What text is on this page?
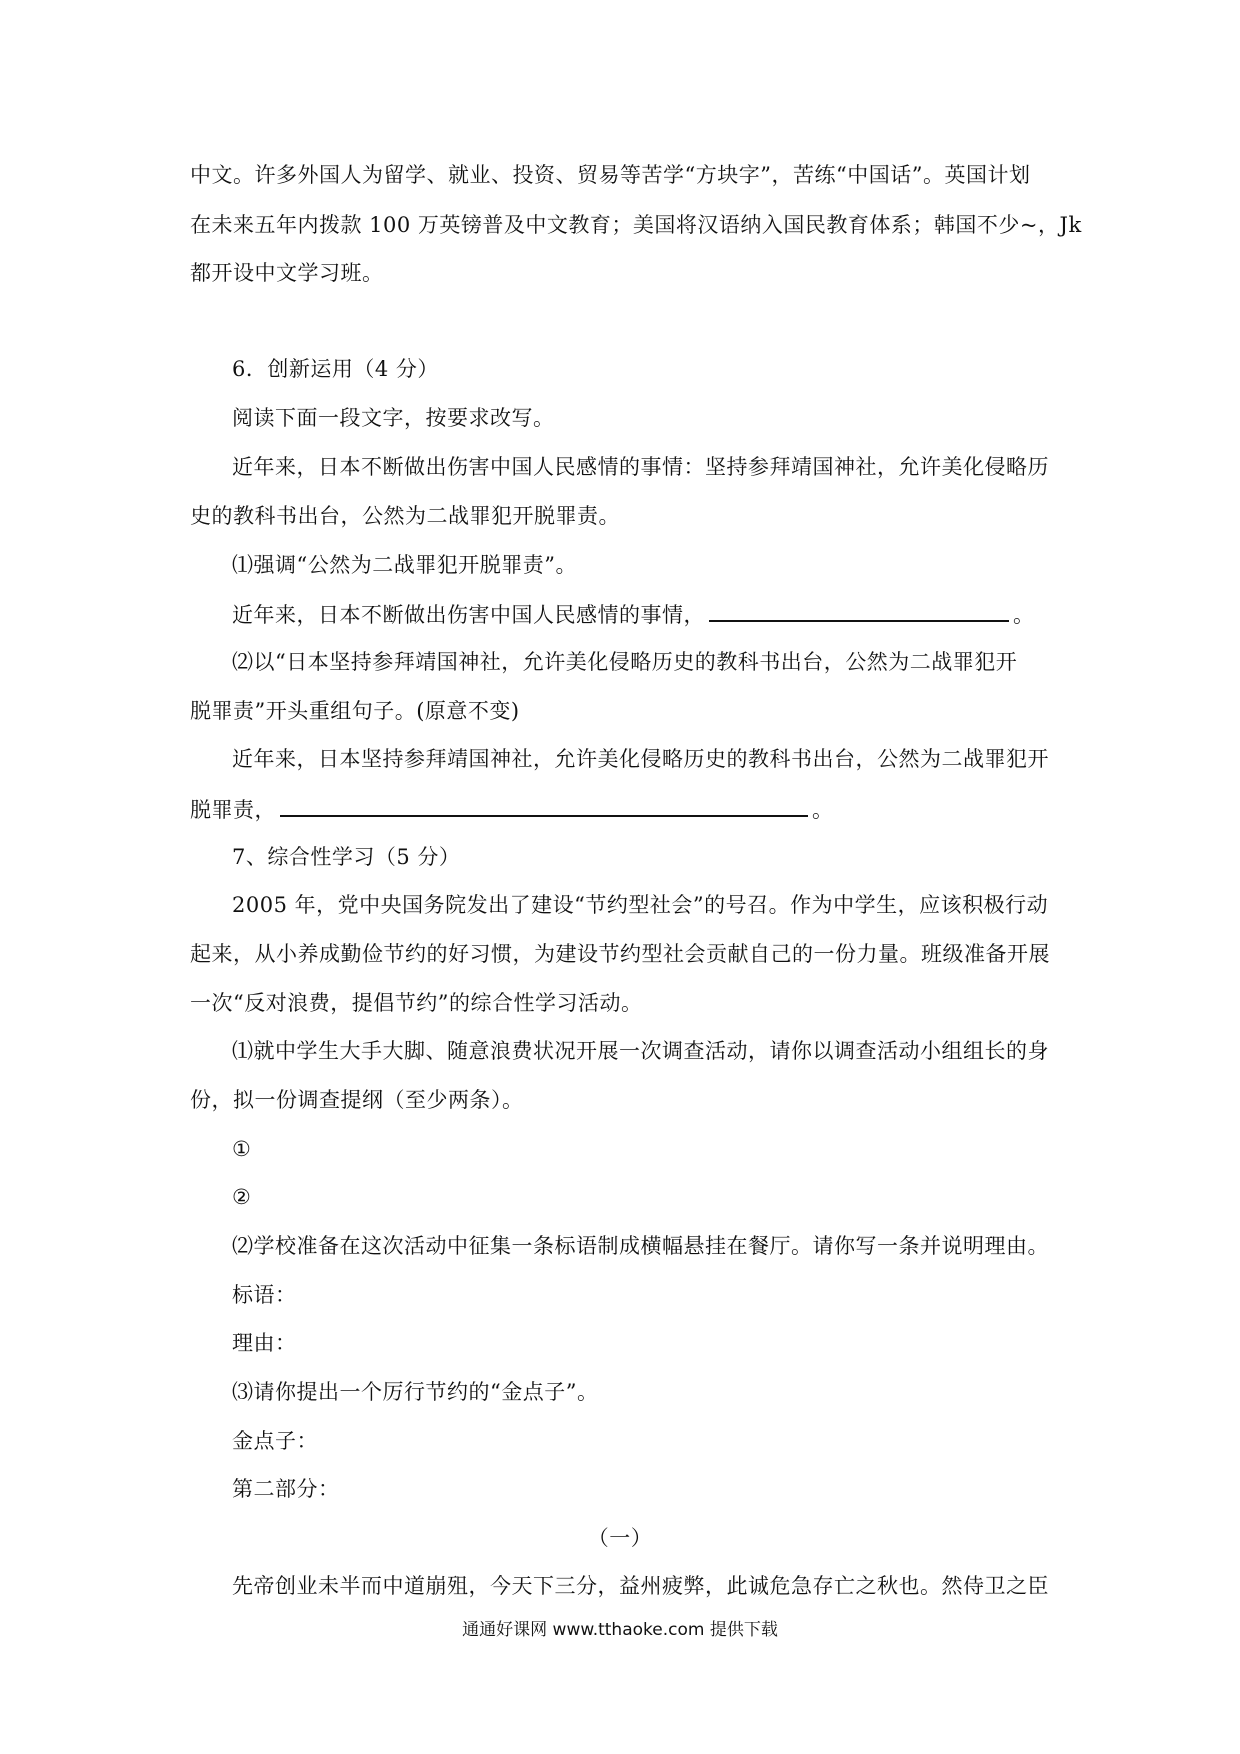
中文。许多外国人为留学、就业、投资、贸易等苦学“方块字”，苦练“中国话”。英国计划
在未来五年内拨款 100 万英镑普及中文教育；美国将汉语纳入国民教育体系；韩国不少~，Jk
都开设中文学习班。
6．创新运用（4 分）
阅读下面一段文字，按要求改写。
近年来，日本不断做出伤害中国人民感情的事情：坚持参拜靖国神社，允许美化侵略历
史的教科书出台，公然为二战罪犯开脱罪责。
⑴强调“公然为二战罪犯开脱罪责”。
近年来，日本不断做出伤害中国人民感情的事情，	。
⑵以“日本坚持参拜靖国神社，允许美化侵略历史的教科书出台，公然为二战罪犯开
脱罪责”开头重组句子。(原意不变)
近年来，日本坚持参拜靖国神社，允许美化侵略历史的教科书出台，公然为二战罪犯开
脱罪责，	。
7、综合性学习（5 分）
2005 年，党中央国务院发出了建设“节约型社会”的号召。作为中学生，应该积极行动
起来，从小养成勤俭节约的好习惯，为建设节约型社会贡献自己的一份力量。班级准备开展
一次“反对浪费，提倡节约”的综合性学习活动。
⑴就中学生大手大脚、随意浪费状况开展一次调查活动，请你以调查活动小组组长的身
份，拟一份调查提纲（至少两条）。
①
②
⑵学校准备在这次活动中征集一条标语制成横幅悬挂在餐厅。请你写一条并说明理由。
标语：
理由：
⑶请你提出一个厉行节约的“金点子”。
金点子：
第二部分：
（一）
先帝创业未半而中道崩殂，今天下三分，益州疲弊，此诚危急存亡之秋也。然侍卫之臣
通通好课网 www.tthaoke.com 提供下载
